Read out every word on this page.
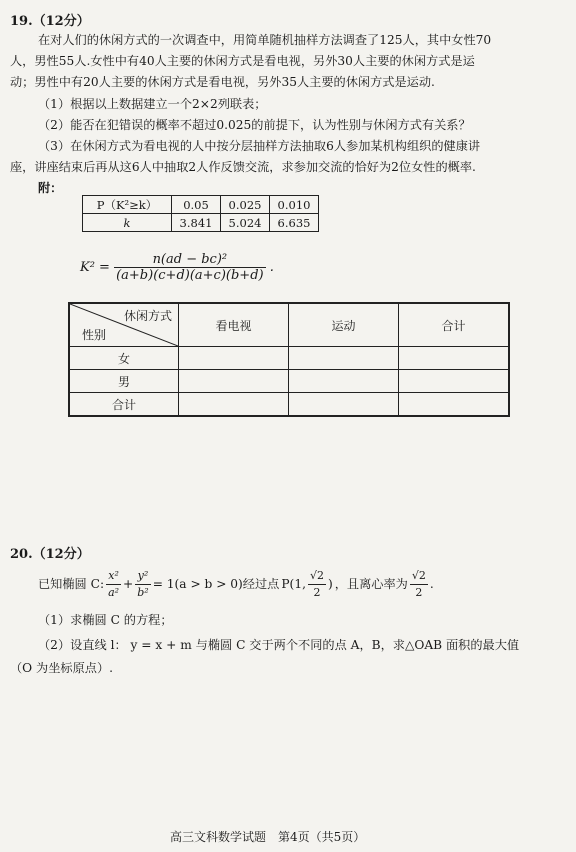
19.（12分）
在对人们的休闲方式的一次调查中，用简单随机抽样方法调查了125人，其中女性70
人，男性55人.女性中有40人主要的休闲方式是看电视，另外30人主要的休闲方式是运
动；男性中有20人主要的休闲方式是看电视，另外35人主要的休闲方式是运动.
（1）根据以上数据建立一个2×2列联表；
（2）能否在犯错误的概率不超过0.025的前提下，认为性别与休闲方式有关系？
（3）在休闲方式为看电视的人中按分层抽样方法抽取6人参加某机构组织的健康讲
座，讲座结束后再从这6人中抽取2人作反馈交流，求参加交流的恰好为2位女性的概率.
附：
P（K²≥k）	0.05	0.025	0.010
k	3.841	5.024	6.635
$K^2 = \frac{\text{n(ad − bc)²}}{(a+b)(c+d)(a+c)(b+d)}$ .
休闲方式
性别	看电视	运动	合计
女			
男			
合计			
20.（12分）
已知椭圆 C: $\frac{\text{x²}}{\text{a²}} + \frac{\text{y²}}{\text{b²}} = 1(a > b > 0)$经过点 P(1, $\frac{√2}{2}$ ) ，且离心率为 $\frac{√2}{2}$ .
（1）求椭圆 C 的方程；
（2）设直线 l： y = x + m 与椭圆 C 交于两个不同的点 A，B，求△OAB 面积的最大值
（O 为坐标原点）.
高三文科数学试题　第4页（共5页）
